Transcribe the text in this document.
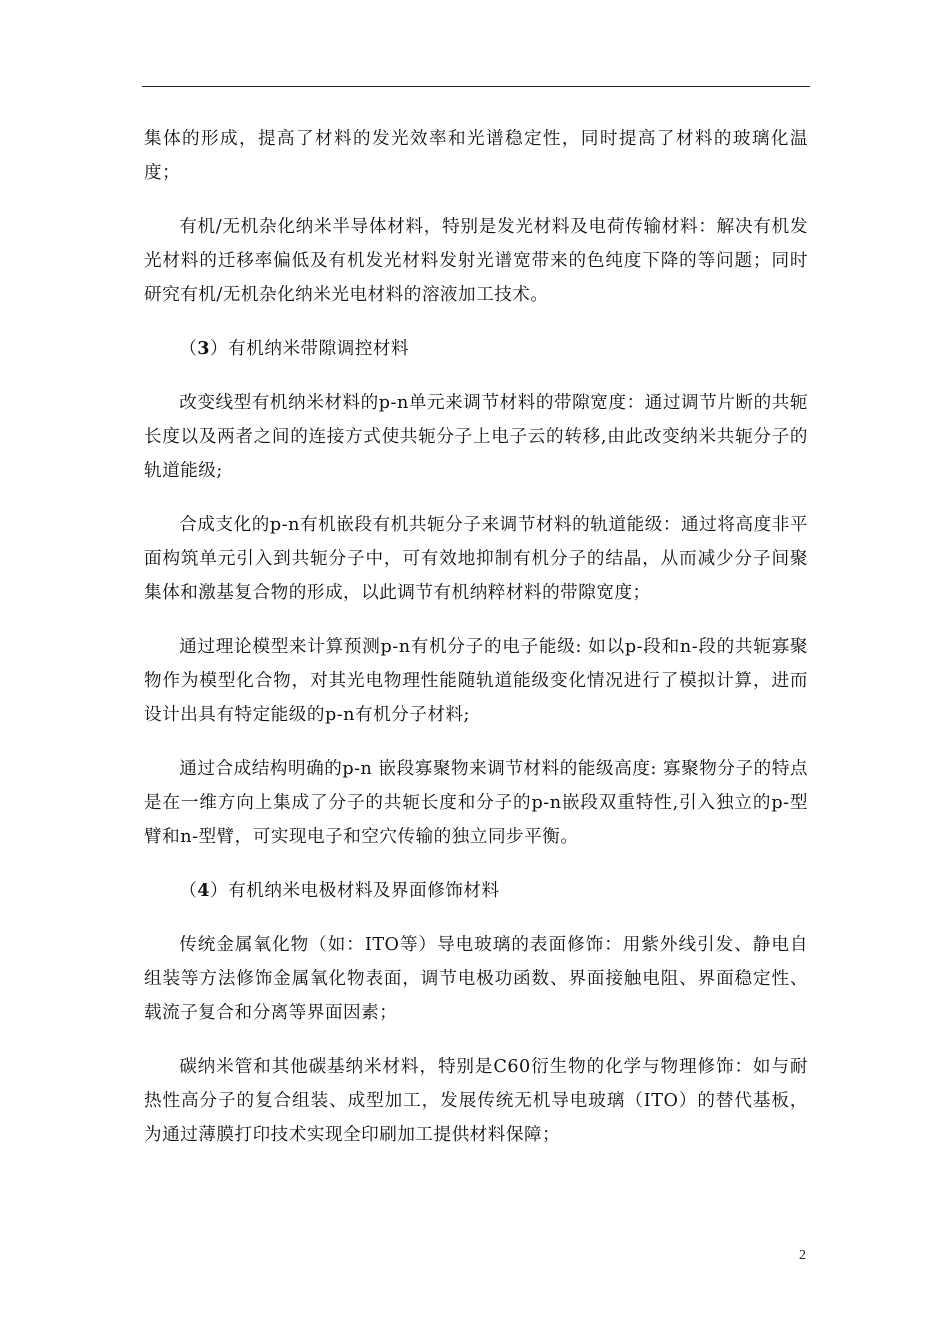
集体的形成，提高了材料的发光效率和光谱稳定性，同时提高了材料的玻璃化温度；

有机/无机杂化纳米半导体材料，特别是发光材料及电荷传输材料：解决有机发光材料的迁移率偏低及有机发光材料发射光谱宽带来的色纯度下降的等问题；同时研究有机/无机杂化纳米光电材料的溶液加工技术。

（3）有机纳米带隙调控材料

改变线型有机纳米材料的p-n单元来调节材料的带隙宽度：通过调节片断的共轭长度以及两者之间的连接方式使共轭分子上电子云的转移,由此改变纳米共轭分子的轨道能级;

合成支化的p-n有机嵌段有机共轭分子来调节材料的轨道能级：通过将高度非平面构筑单元引入到共轭分子中，可有效地抑制有机分子的结晶，从而减少分子间聚集体和激基复合物的形成，以此调节有机纳粹材料的带隙宽度；

通过理论模型来计算预测p-n有机分子的电子能级: 如以p-段和n-段的共轭寡聚物作为模型化合物，对其光电物理性能随轨道能级变化情况进行了模拟计算，进而设计出具有特定能级的p-n有机分子材料;

通过合成结构明确的p-n 嵌段寡聚物来调节材料的能级高度: 寡聚物分子的特点是在一维方向上集成了分子的共轭长度和分子的p-n嵌段双重特性,引入独立的p-型臂和n-型臂，可实现电子和空穴传输的独立同步平衡。

（4）有机纳米电极材料及界面修饰材料

传统金属氧化物（如：ITO等）导电玻璃的表面修饰：用紫外线引发、静电自组装等方法修饰金属氧化物表面，调节电极功函数、界面接触电阻、界面稳定性、载流子复合和分离等界面因素；

碳纳米管和其他碳基纳米材料，特别是C60衍生物的化学与物理修饰：如与耐热性高分子的复合组装、成型加工，发展传统无机导电玻璃（ITO）的替代基板，为通过薄膜打印技术实现全印刷加工提供材料保障；

2
